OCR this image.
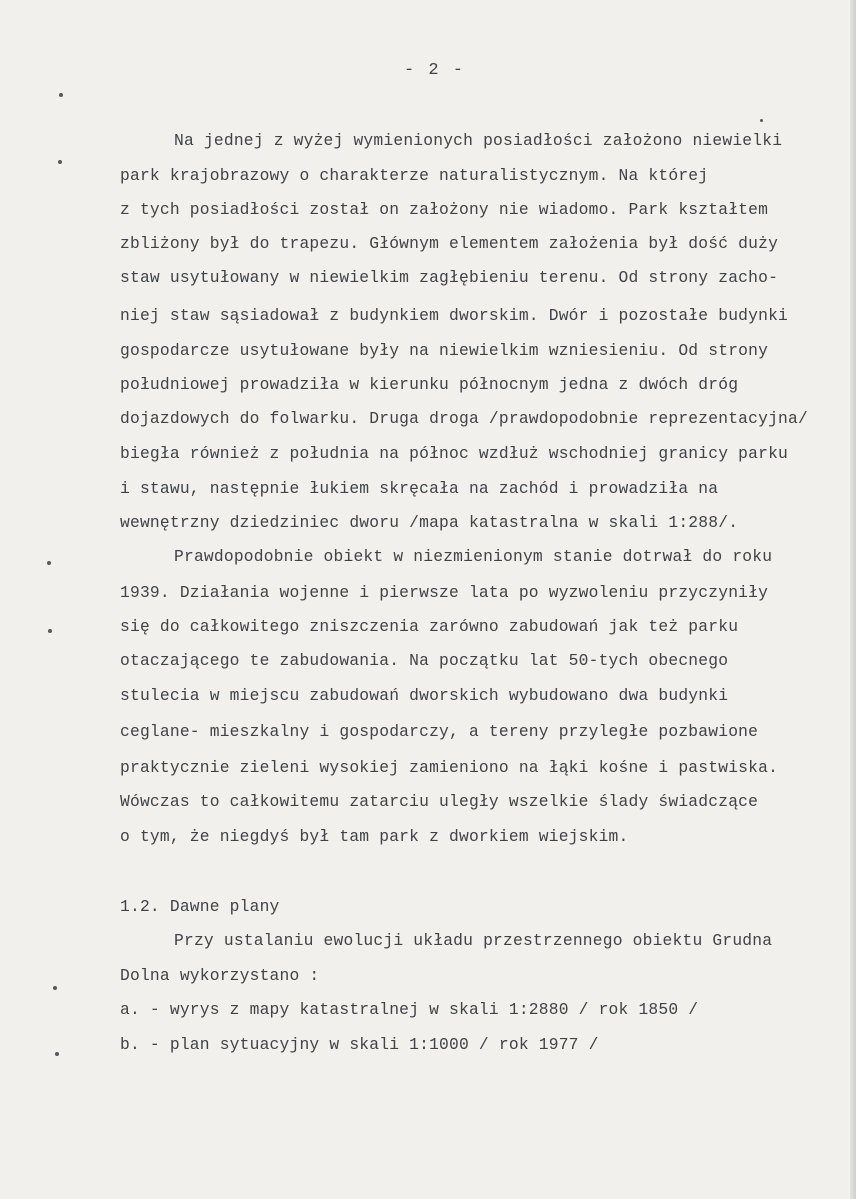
- 2 -
Na jednej z wyżej wymienionych posiadłości założono niewielki
park krajobrazowy o charakterze naturalistycznym. Na której
z tych posiadłości został on założony nie wiadomo. Park kształtem
zbliżony był do trapezu. Głównym elementem założenia był dość duży
staw usytułowany w niewielkim zagłębieniu terenu. Od strony zacho-
niej staw sąsiadował z budynkiem dworskim. Dwór i pozostałe budynki
gospodarcze usytułowane były na niewielkim wzniesieniu. Od strony
południowej prowadziła w kierunku północnym jedna z dwóch dróg
dojazdowych do folwarku. Druga droga /prawdopodobnie reprezentacyjna/
biegła również z południa na północ wzdłuż wschodniej granicy parku
i stawu, następnie łukiem skręcała na zachód i prowadziła na
wewnętrzny dziedziniec dworu /mapa katastralna w skali 1:288/.
Prawdopodobnie obiekt w niezmienionym stanie dotrwał do roku
1939. Działania wojenne i pierwsze lata po wyzwoleniu przyczyniły
się do całkowitego zniszczenia zarówno zabudowań jak też parku
otaczającego te zabudowania. Na początku lat 50-tych obecnego
stulecia w miejscu zabudowań dworskich wybudowano dwa budynki
ceglane- mieszkalny i gospodarczy, a tereny przyległe pozbawione
praktycznie zieleni wysokiej zamieniono na łąki kośne i pastwiska.
Wówczas to całkowitemu zatarciu uległy wszelkie ślady świadczące
o tym, że niegdyś był tam park z dworkiem wiejskim.
1.2. Dawne plany
Przy ustalaniu ewolucji układu przestrzennego obiektu Grudna
Dolna wykorzystano :
a. - wyrys z mapy katastralnej w skali 1:2880 / rok 1850 /
b. - plan sytuacyjny w skali 1:1000 / rok 1977 /
